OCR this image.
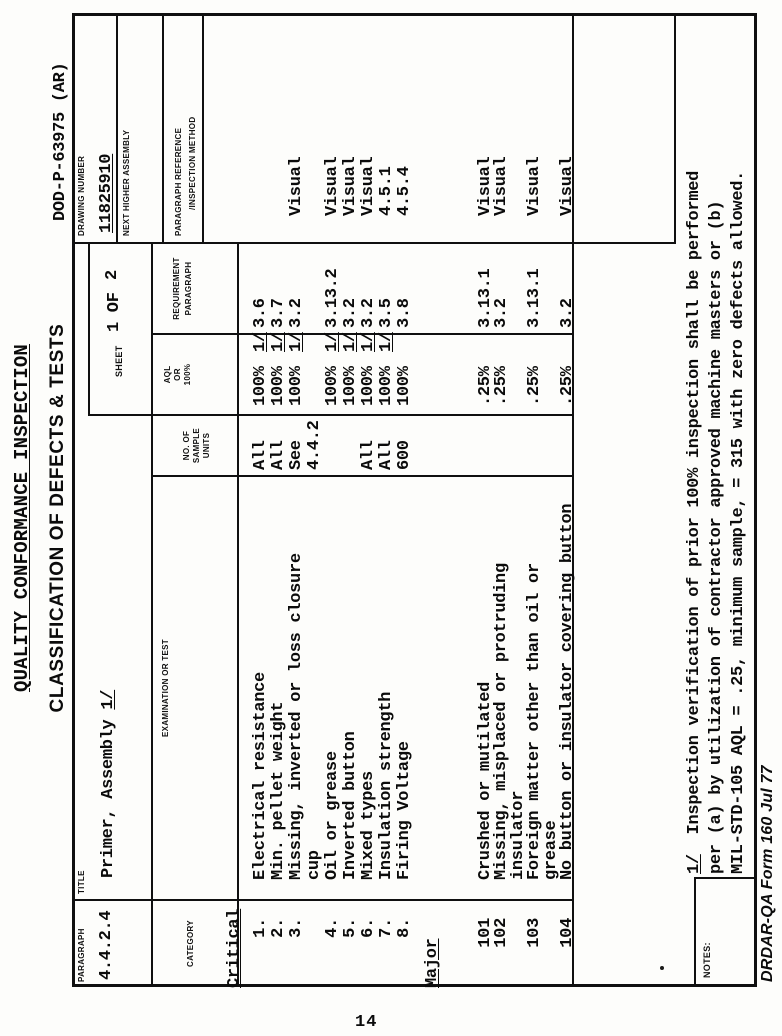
QUALITY CONFORMANCE INSPECTION CLASSIFICATION OF DEFECTS & TESTS
DOD-P-63975 (AR)
PARAGRAPH 4.4.2.4
TITLE
Primer, Assembly 1/
SHEET
1 OF
2
DRAWING NUMBER 11825910 NEXT HIGHER ASSEMBLY
CATEGORY
EXAMINATION OR TEST
NO. OF SAMPLE UNITS
AQL OR 100%
REQUIREMENT PARAGRAPH
PARAGRAPH REFERENCE /INSPECTION METHOD
Critical 1.
Electrical resistance
All
100%
1/
3.6
2.
Min. pellet weight
All
100%
1/
3.7
3.
Missing, inverted or loss closure
See
100%
1/
3.2
Visual
cup
4.4.2
4.
Oil or grease
100%
1/
3.13.2
Visual
5.
Inverted button
100%
1/
3.2
Visual
6.
Mixed types
All
100%
1/
3.2
Visual
7.
Insulation strength
All
100%
1/
3.5
4.5.1
8.
Firing Voltage
600
100%
3.8
4.5.4
Major
101
Crushed or mutilated
.25%
3.13.1
Visual
102
Missing, misplaced or protruding
.25%
3.2
Visual
insulator
103
Foreign matter other than oil or
.25%
3.13.1
Visual
grease
104
No button or insulator covering button
.25%
3.2
Visual
NOTES:
1/  Inspection verification of prior 100% inspection shall be performed per (a) by utilization of contractor approved machine masters or (b) MIL-STD-105 AQL = .25, minimum sample, = 315 with zero defects allowed. DRDAR-QA Form 160 Jul 77
14
